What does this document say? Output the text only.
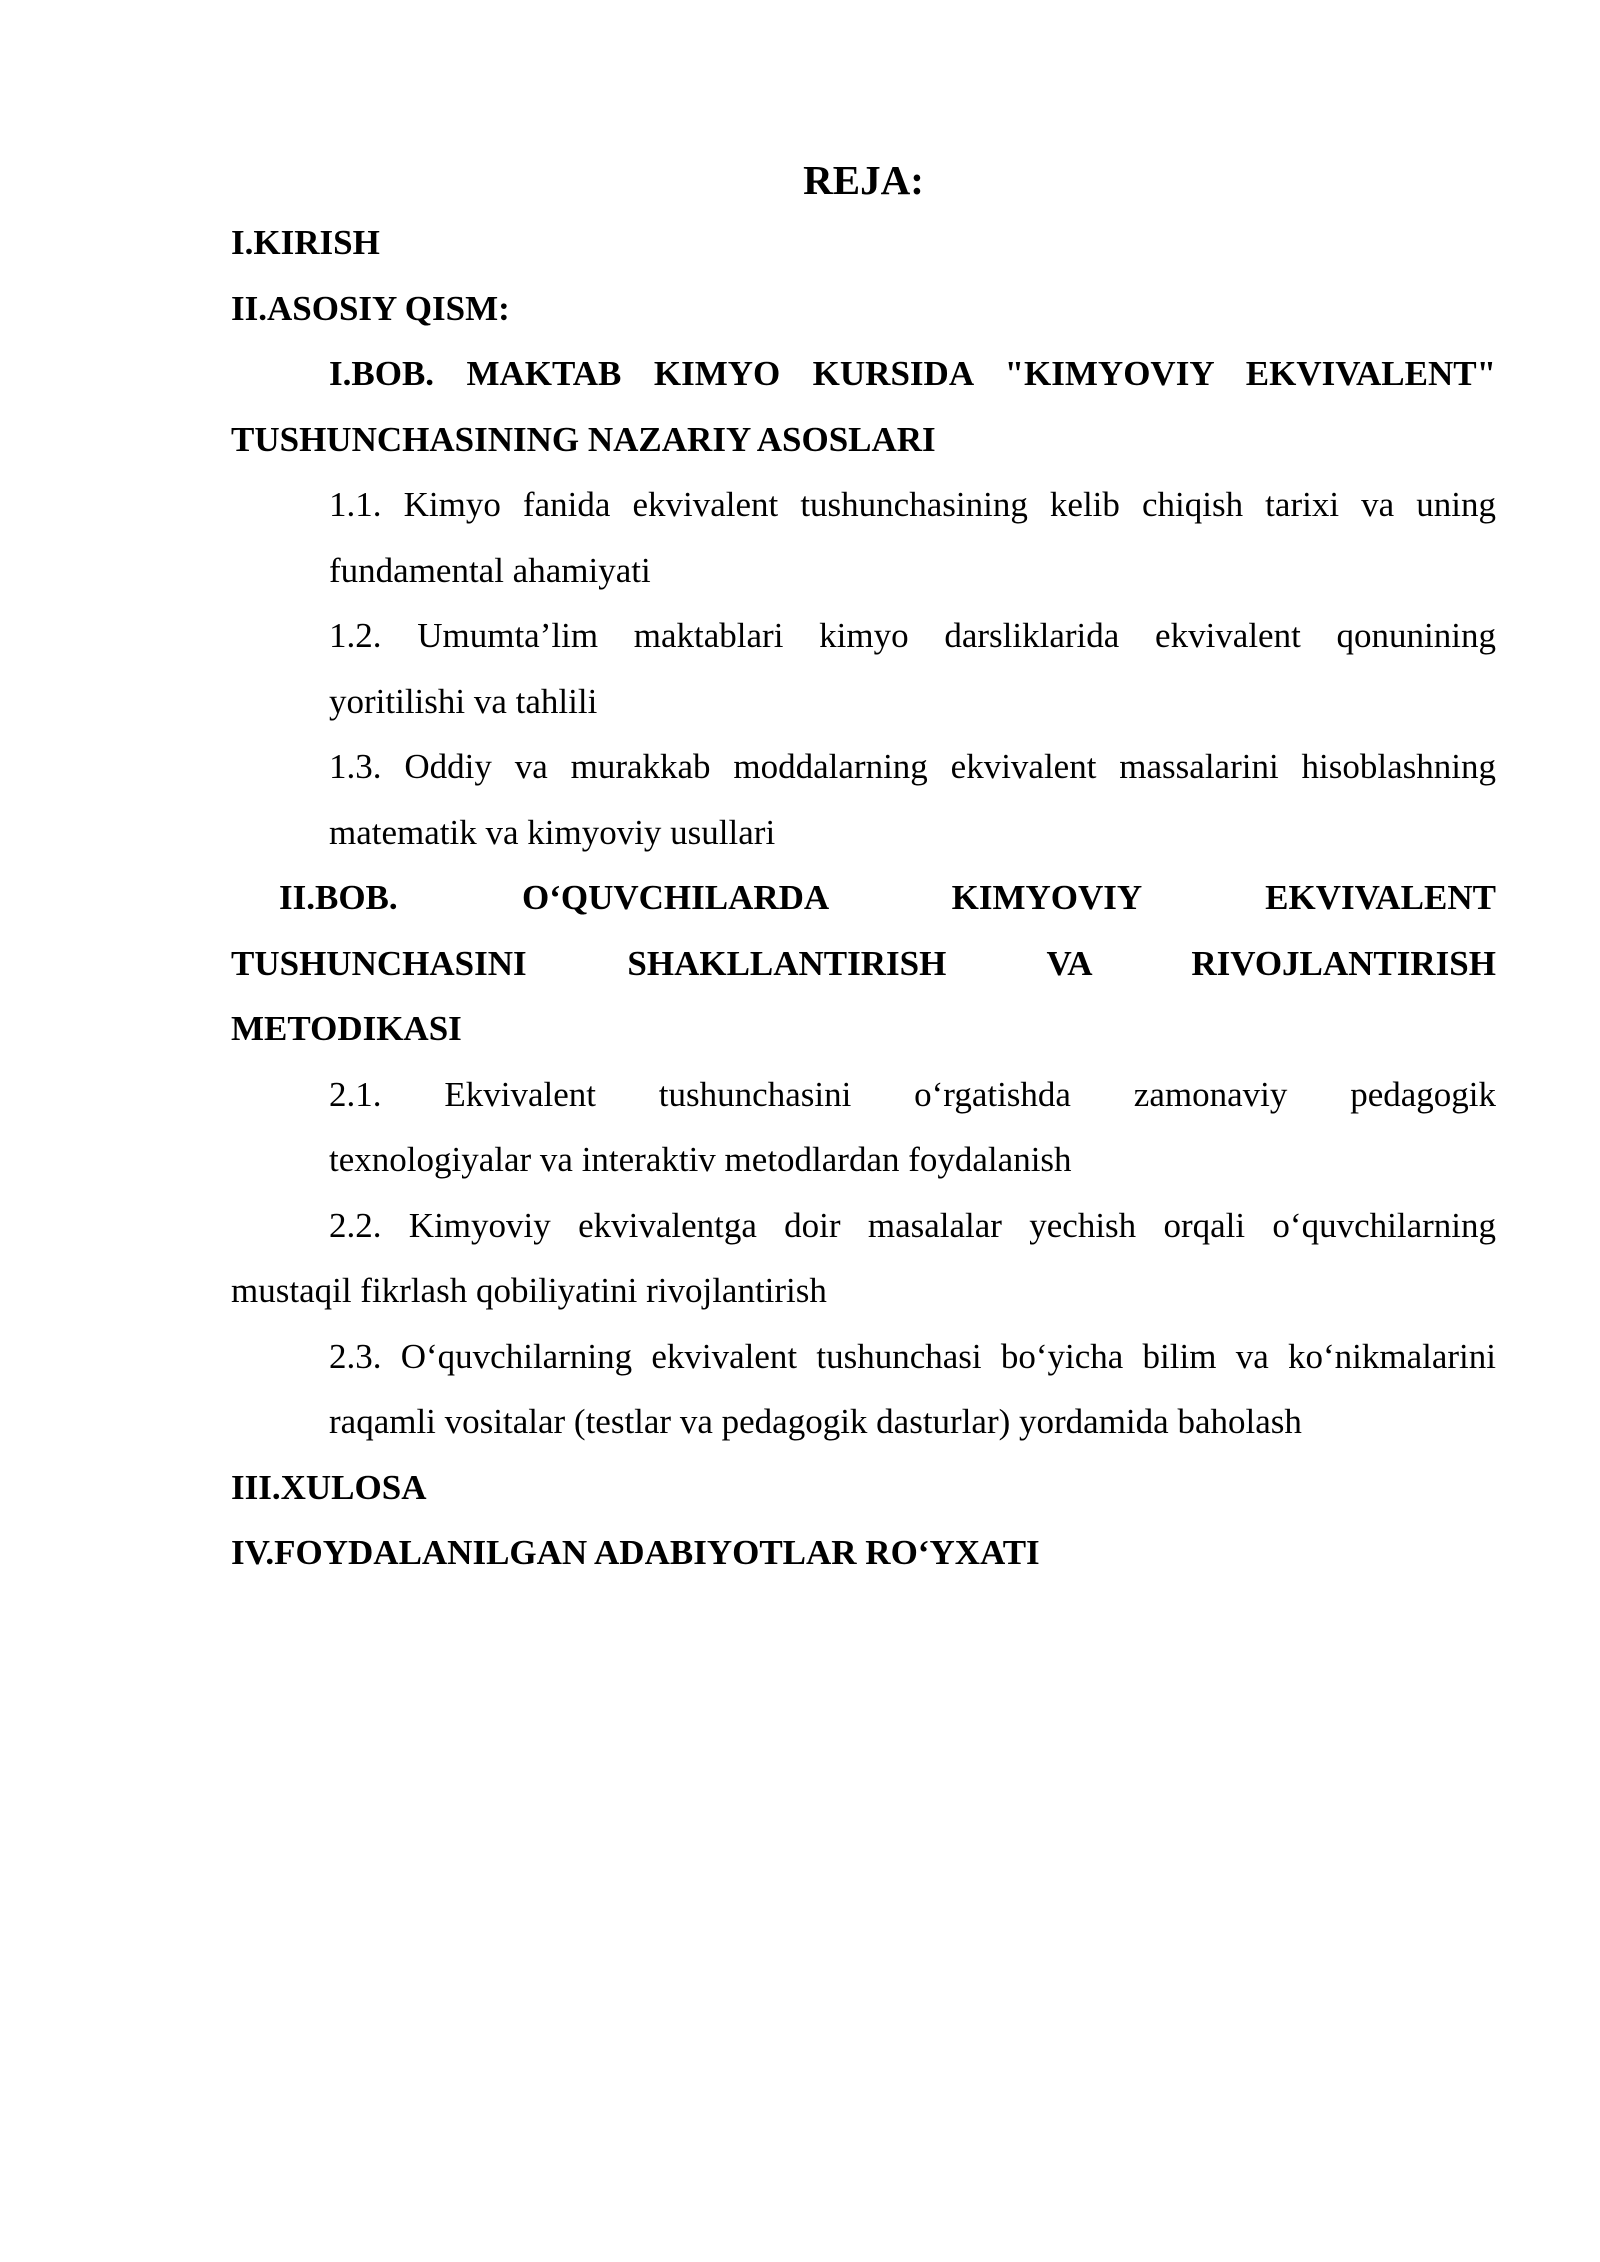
REJA:

I.KIRISH

II.ASOSIY QISM:

I.BOB. MAKTAB KIMYO KURSIDA "KIMYOVIY EKVIVALENT"

TUSHUNCHASINING NAZARIY ASOSLARI

1.1. Kimyo fanida ekvivalent tushunchasining kelib chiqish tarixi va uning

fundamental ahamiyati

1.2. Umumta’lim maktablari kimyo darsliklarida ekvivalent qonunining

yoritilishi va tahlili

1.3. Oddiy va murakkab moddalarning ekvivalent massalarini hisoblashning

matematik va kimyoviy usullari

II.BOB. O‘QUVCHILARDA KIMYOVIY EKVIVALENT

TUSHUNCHASINI SHAKLLANTIRISH VA RIVOJLANTIRISH

METODIKASI

2.1. Ekvivalent tushunchasini o‘rgatishda zamonaviy pedagogik

texnologiyalar va interaktiv metodlardan foydalanish

2.2. Kimyoviy ekvivalentga doir masalalar yechish orqali o‘quvchilarning

mustaqil fikrlash qobiliyatini rivojlantirish

2.3. O‘quvchilarning ekvivalent tushunchasi bo‘yicha bilim va ko‘nikmalarini

raqamli vositalar (testlar va pedagogik dasturlar) yordamida baholash

III.XULOSA

IV.FOYDALANILGAN ADABIYOTLAR RO‘YXATI
